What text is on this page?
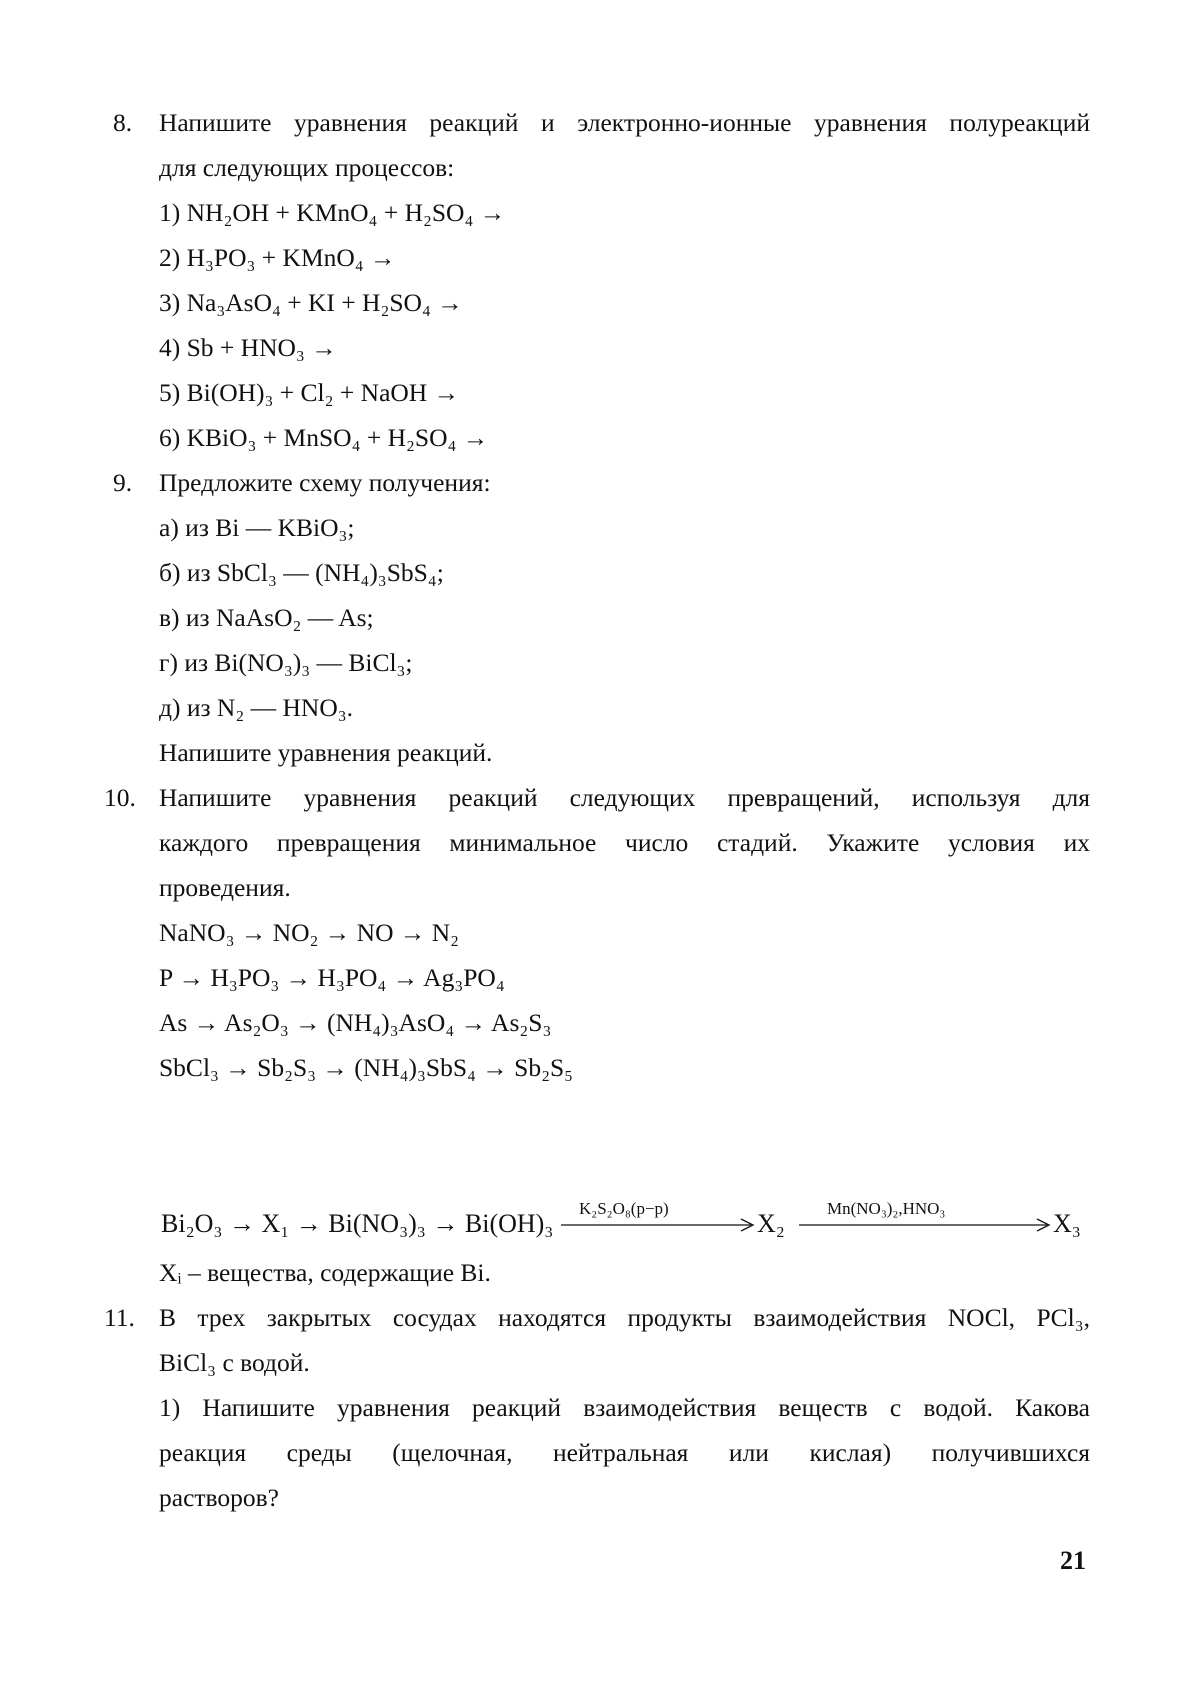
8. Напишите уравнения реакций и электронно-ионные уравнения полуреакций
для следующих процессов:
1) NH₂OH + KMnO₄ + H₂SO₄ →
2) H₃PO₃ + KMnO₄ →
3) Na₃AsO₄ + KI + H₂SO₄ →
4) Sb + HNO₃ →
5) Bi(OH)₃ + Cl₂ + NaOH →
6) KBiO₃ + MnSO₄ + H₂SO₄ →
9. Предложите схему получения:
а) из Bi — KBiO₃;
б) из SbCl₃ — (NH₄)₃SbS₄;
в) из NaAsO₂ — As;
г) из Bi(NO₃)₃ — BiCl₃;
д) из N₂ — HNO₃.
Напишите уравнения реакций.
10. Напишите уравнения реакций следующих превращений, используя для
каждого превращения минимальное число стадий. Укажите условия их
проведения.
NaNO₃ → NO₂ → NO → N₂
P → H₃PO₃ → H₃PO₄ → Ag₃PO₄
As → As₂O₃ → (NH₄)₃AsO₄ → As₂S₃
SbCl₃ → Sb₂S₃ → (NH₄)₃SbS₄ → Sb₂S₅
Bi₂O₃ → X₁ → Bi(NO₃)₃ → Bi(OH)₃
K₂S₂O₈(р−р)
X₂
Mn(NO₃)₂,HNO₃
X₃
Xᵢ – вещества, содержащие Bi.
11. В трех закрытых сосудах находятся продукты взаимодействия NOCl, PCl₃,
BiCl₃ с водой.
1) Напишите уравнения реакций взаимодействия веществ с водой. Какова
реакция среды (щелочная, нейтральная или кислая) получившихся
растворов?
21
